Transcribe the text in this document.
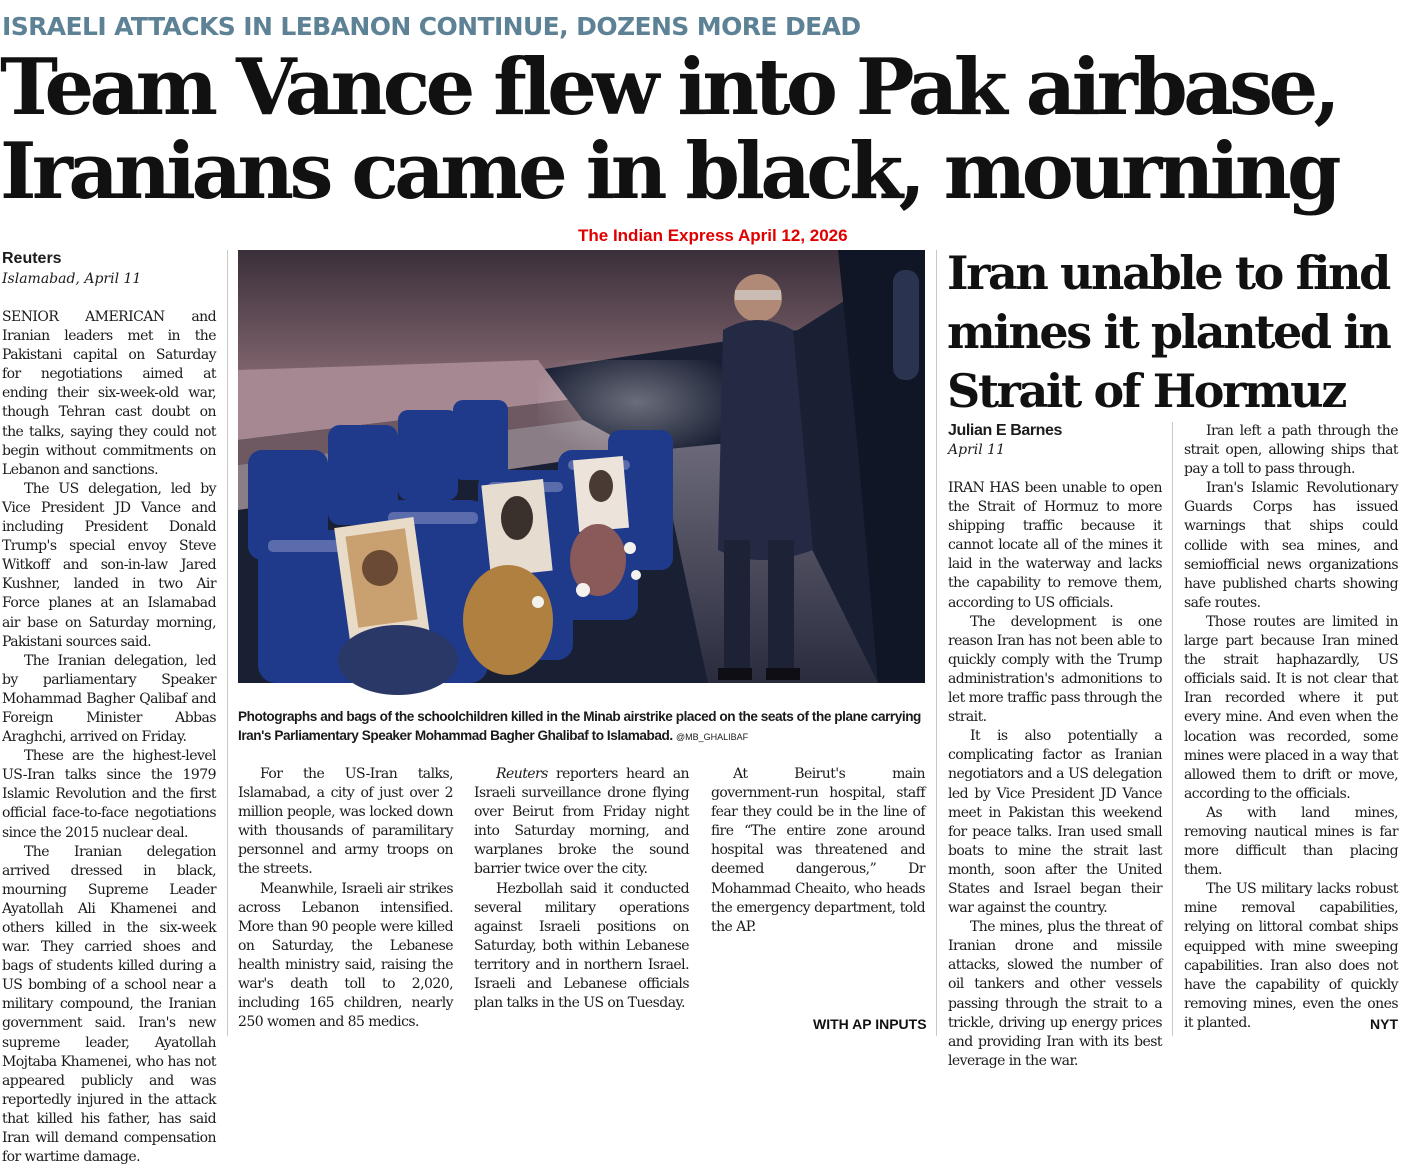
ISRAELI ATTACKS IN LEBANON CONTINUE, DOZENS MORE DEAD
Team Vance flew into Pak airbase,
Iranians came in black, mourning
The Indian Express April 12, 2026
Reuters
Islamabad, April 11
Photographs and bags of the schoolchildren killed in the Minab airstrike placed on the seats of the plane carrying Iran's Parliamentary Speaker Mohammad Bagher Ghalibaf to Islamabad. @MB_GHALIBAF

SENIOR AMERICAN and Iranian leaders met in the Pakistani capital on Saturday for negotiations aimed at ending their six-week-old war, though Tehran cast doubt on the talks, saying they could not begin without commitments on Lebanon and sanctions.

The US delegation, led by Vice President JD Vance and including President Donald Trump's special envoy Steve Witkoff and son-in-law Jared Kushner, landed in two Air Force planes at an Islamabad air base on Saturday morning, Pakistani sources said.

The Iranian delegation, led by parliamentary Speaker Mohammad Bagher Qalibaf and Foreign Minister Abbas Araghchi, arrived on Friday.

These are the highest-level US-Iran talks since the 1979 Islamic Revolution and the first official face-to-face negotiations since the 2015 nuclear deal.

The Iranian delegation arrived dressed in black, mourning Supreme Leader Ayatollah Ali Khamenei and others killed in the six-week war. They carried shoes and bags of students killed during a US bombing of a school near a military compound, the Iranian government said. Iran's new supreme leader, Ayatollah Mojtaba Khamenei, who has not appeared publicly and was reportedly injured in the attack that killed his father, has said Iran will demand compensation for wartime damage.

For the US-Iran talks, Islamabad, a city of just over 2 million people, was locked down with thousands of paramilitary personnel and army troops on the streets.

Meanwhile, Israeli air strikes across Lebanon intensified. More than 90 people were killed on Saturday, the Lebanese health ministry said, raising the war's death toll to 2,020, including 165 children, nearly 250 women and 85 medics.

Reuters reporters heard an Israeli surveillance drone flying over Beirut from Friday night into Saturday morning, and warplanes broke the sound barrier twice over the city.

Hezbollah said it conducted several military operations against Israeli positions on Saturday, both within Lebanese territory and in northern Israel. Israeli and Lebanese officials plan talks in the US on Tuesday.

At Beirut's main government-run hospital, staff fear they could be in the line of fire “The entire zone around hospital was threatened and deemed dangerous,” Dr Mohammad Cheaito, who heads the emergency department, told the AP.

WITH AP INPUTS
Iran unable to find
mines it planted in
Strait of Hormuz
Julian E Barnes
April 11

IRAN HAS been unable to open the Strait of Hormuz to more shipping traffic because it cannot locate all of the mines it laid in the waterway and lacks the capability to remove them, according to US officials.

The development is one reason Iran has not been able to quickly comply with the Trump administration's admonitions to let more traffic pass through the strait.

It is also potentially a complicating factor as Iranian negotiators and a US delegation led by Vice President JD Vance meet in Pakistan this weekend for peace talks. Iran used small boats to mine the strait last month, soon after the United States and Israel began their war against the country.

The mines, plus the threat of Iranian drone and missile attacks, slowed the number of oil tankers and other vessels passing through the strait to a trickle, driving up energy prices and providing Iran with its best leverage in the war.

Iran left a path through the strait open, allowing ships that pay a toll to pass through.

Iran's Islamic Revolutionary Guards Corps has issued warnings that ships could collide with sea mines, and semiofficial news organizations have published charts showing safe routes.

Those routes are limited in large part because Iran mined the strait haphazardly, US officials said. It is not clear that Iran recorded where it put every mine. And even when the location was recorded, some mines were placed in a way that allowed them to drift or move, according to the officials.

As with land mines, removing nautical mines is far more difficult than placing them.

The US military lacks robust mine removal capabilities, relying on littoral combat ships equipped with mine sweeping capabilities. Iran also does not have the capability of quickly removing mines, even the ones it planted.	NYT
